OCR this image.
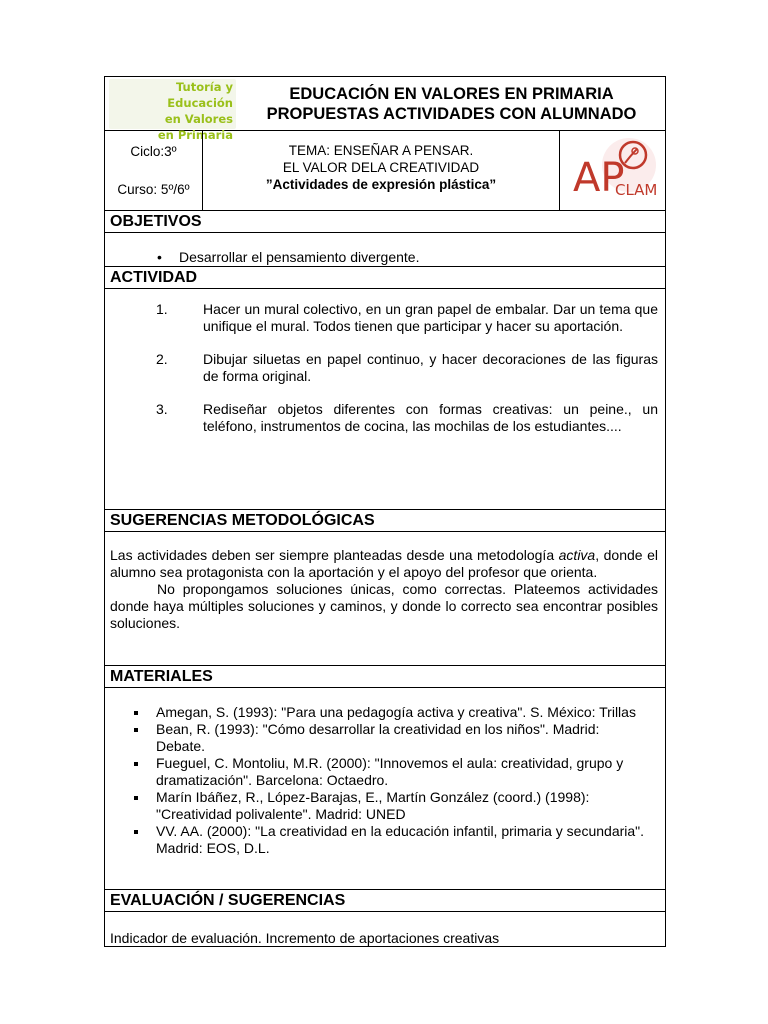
Tutoría y Educación
en Valores
en Primaria
EDUCACIÓN EN VALORES EN PRIMARIA
PROPUESTAS ACTIVIDADES CON ALUMNADO
Ciclo:3º
Curso: 5º/6º
TEMA: ENSEÑAR A PENSAR.
EL VALOR DELA CREATIVIDAD
”Actividades de expresión plástica”	AP
CLAM
OBJETIVOS
• Desarrollar el pensamiento divergente.
ACTIVIDAD
1.	Hacer un mural colectivo, en un gran papel de embalar. Dar un tema que unifique el mural. Todos tienen que participar y hacer su aportación.
2.	Dibujar siluetas en papel continuo, y hacer decoraciones de las figuras de forma original.
3.	Rediseñar objetos diferentes con formas creativas: un peine., un teléfono, instrumentos de cocina, las mochilas de los estudiantes....
SUGERENCIAS METODOLÓGICAS

Las actividades deben ser siempre planteadas desde una metodología activa, donde el alumno sea protagonista con la aportación y el apoyo del profesor que orienta.

No propongamos soluciones únicas, como correctas. Plateemos actividades donde haya múltiples soluciones y caminos, y donde lo correcto sea encontrar posibles soluciones.

MATERIALES
Amegan, S. (1993): "Para una pedagogía activa y creativa". S. México: Trillas
Bean, R. (1993): "Cómo desarrollar la creatividad en los niños". Madrid: Debate.
Fueguel, C. Montoliu, M.R. (2000): "Innovemos el aula: creatividad, grupo y dramatización". Barcelona: Octaedro.
Marín Ibáñez, R., López-Barajas, E., Martín González (coord.) (1998): "Creatividad polivalente". Madrid: UNED
VV. AA. (2000): "La creatividad en la educación infantil, primaria y secundaria". Madrid: EOS, D.L.
EVALUACIÓN / SUGERENCIAS
Indicador de evaluación. Incremento de aportaciones creativas
